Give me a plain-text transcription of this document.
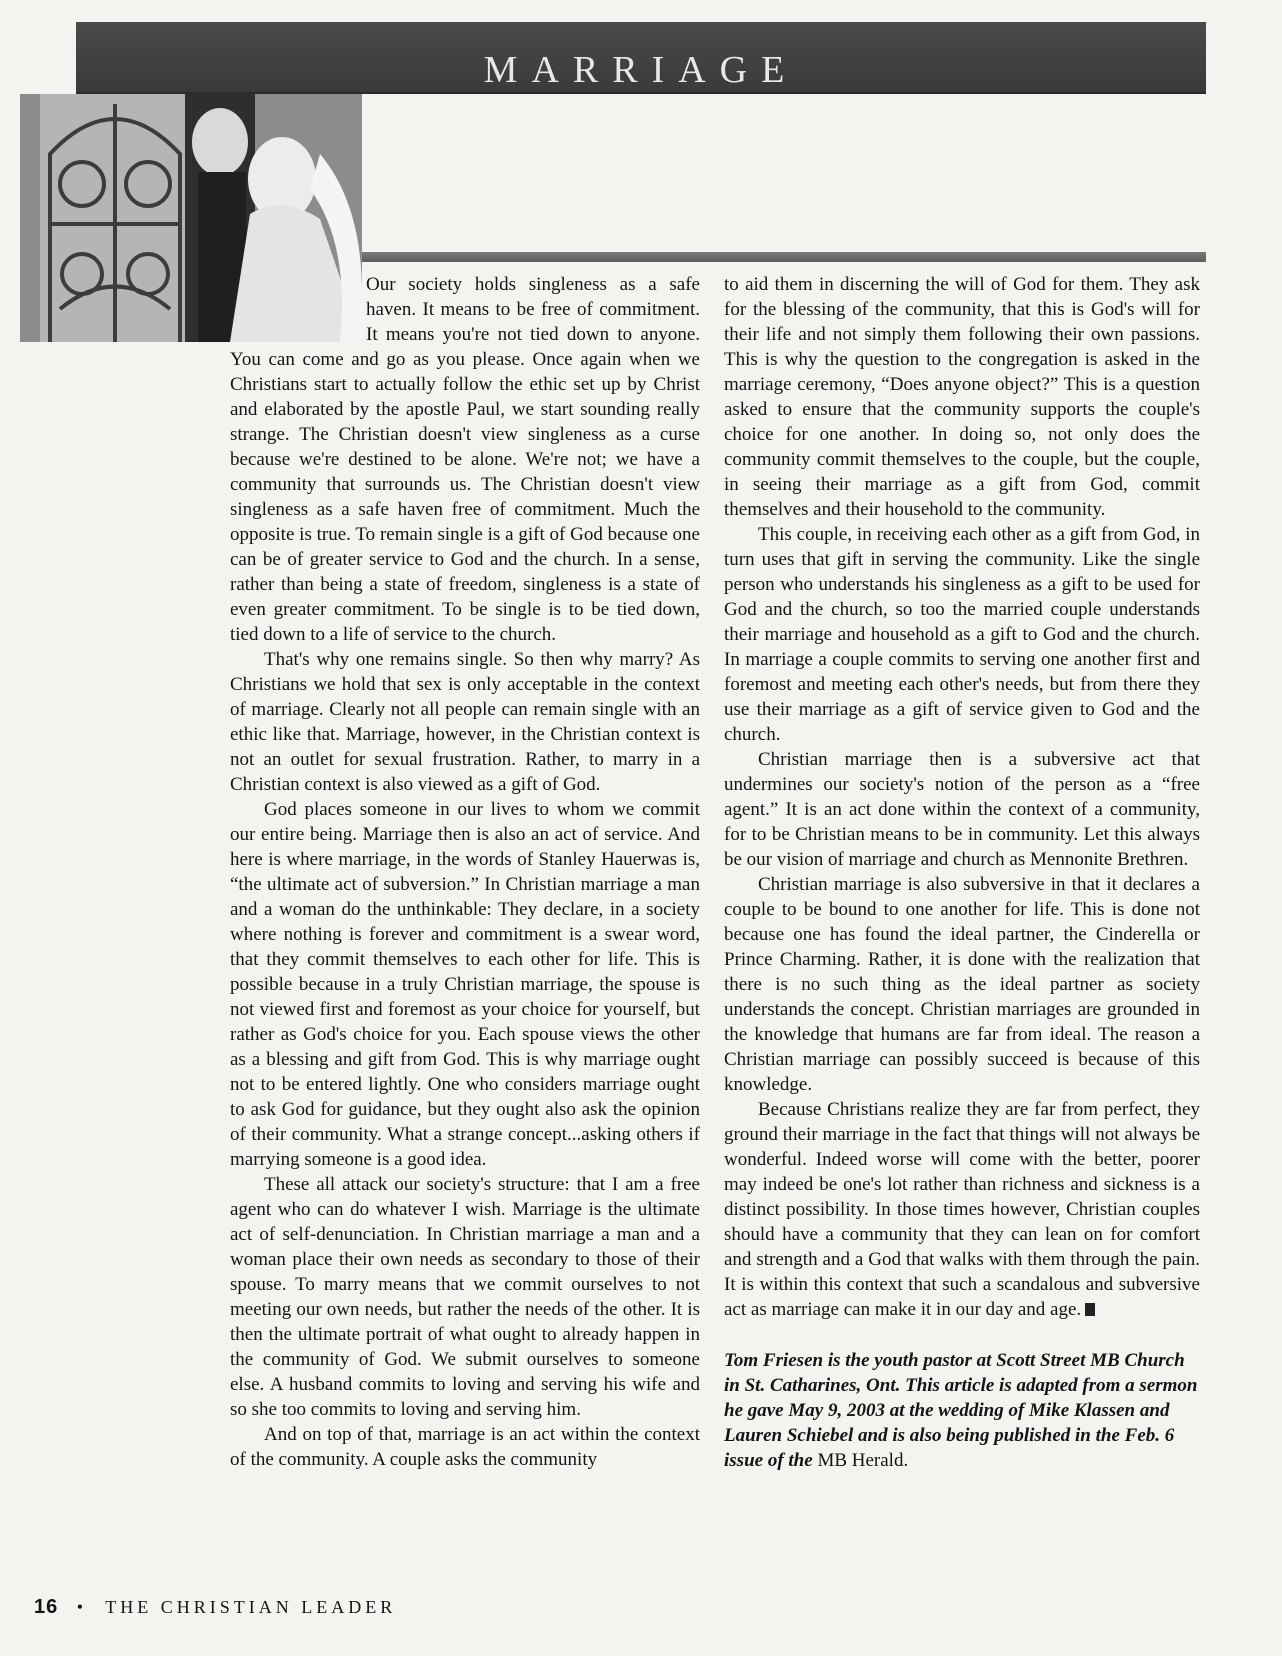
MARRIAGE

Our society holds singleness as a safe haven. It means to be free of commitment. It means you're not tied down to anyone. You can come and go as you please. Once again when we Christians start to actually follow the ethic set up by Christ and elaborated by the apostle Paul, we start sounding really strange. The Christian doesn't view singleness as a curse because we're destined to be alone. We're not; we have a community that surrounds us. The Christian doesn't view singleness as a safe haven free of commitment. Much the opposite is true. To remain single is a gift of God because one can be of greater service to God and the church. In a sense, rather than being a state of freedom, singleness is a state of even greater commitment. To be single is to be tied down, tied down to a life of service to the church.

That's why one remains single. So then why marry? As Christians we hold that sex is only acceptable in the context of marriage. Clearly not all people can remain single with an ethic like that. Marriage, however, in the Christian context is not an outlet for sexual frustration. Rather, to marry in a Christian context is also viewed as a gift of God.

God places someone in our lives to whom we commit our entire being. Marriage then is also an act of service. And here is where marriage, in the words of Stanley Hauerwas is, “the ultimate act of subversion.” In Christian marriage a man and a woman do the unthinkable: They declare, in a society where nothing is forever and commitment is a swear word, that they commit themselves to each other for life. This is possible because in a truly Christian marriage, the spouse is not viewed first and foremost as your choice for yourself, but rather as God's choice for you. Each spouse views the other as a blessing and gift from God. This is why marriage ought not to be entered lightly. One who considers marriage ought to ask God for guidance, but they ought also ask the opinion of their community. What a strange concept...asking others if marrying someone is a good idea.

These all attack our society's structure: that I am a free agent who can do whatever I wish. Marriage is the ultimate act of self-denunciation. In Christian marriage a man and a woman place their own needs as secondary to those of their spouse. To marry means that we commit ourselves to not meeting our own needs, but rather the needs of the other. It is then the ultimate portrait of what ought to already happen in the community of God. We submit ourselves to someone else. A husband commits to loving and serving his wife and so she too commits to loving and serving him.

And on top of that, marriage is an act within the context of the community. A couple asks the community

to aid them in discerning the will of God for them. They ask for the blessing of the community, that this is God's will for their life and not simply them following their own passions. This is why the question to the congregation is asked in the marriage ceremony, “Does anyone object?” This is a question asked to ensure that the community supports the couple's choice for one another. In doing so, not only does the community commit themselves to the couple, but the couple, in seeing their marriage as a gift from God, commit themselves and their household to the community.

This couple, in receiving each other as a gift from God, in turn uses that gift in serving the community. Like the single person who understands his singleness as a gift to be used for God and the church, so too the married couple understands their marriage and household as a gift to God and the church. In marriage a couple commits to serving one another first and foremost and meeting each other's needs, but from there they use their marriage as a gift of service given to God and the church.

Christian marriage then is a subversive act that undermines our society's notion of the person as a “free agent.” It is an act done within the context of a community, for to be Christian means to be in community. Let this always be our vision of marriage and church as Mennonite Brethren.

Christian marriage is also subversive in that it declares a couple to be bound to one another for life. This is done not because one has found the ideal partner, the Cinderella or Prince Charming. Rather, it is done with the realization that there is no such thing as the ideal partner as society understands the concept. Christian marriages are grounded in the knowledge that humans are far from ideal. The reason a Christian marriage can possibly succeed is because of this knowledge.

Because Christians realize they are far from perfect, they ground their marriage in the fact that things will not always be wonderful. Indeed worse will come with the better, poorer may indeed be one's lot rather than richness and sickness is a distinct possibility. In those times however, Christian couples should have a community that they can lean on for comfort and strength and a God that walks with them through the pain. It is within this context that such a scandalous and subversive act as marriage can make it in our day and age.

Tom Friesen is the youth pastor at Scott Street MB Church in St. Catharines, Ont. This article is adapted from a sermon he gave May 9, 2003 at the wedding of Mike Klassen and Lauren Schiebel and is also being published in the Feb. 6 issue of the MB Herald.
16 • THE CHRISTIAN LEADER
